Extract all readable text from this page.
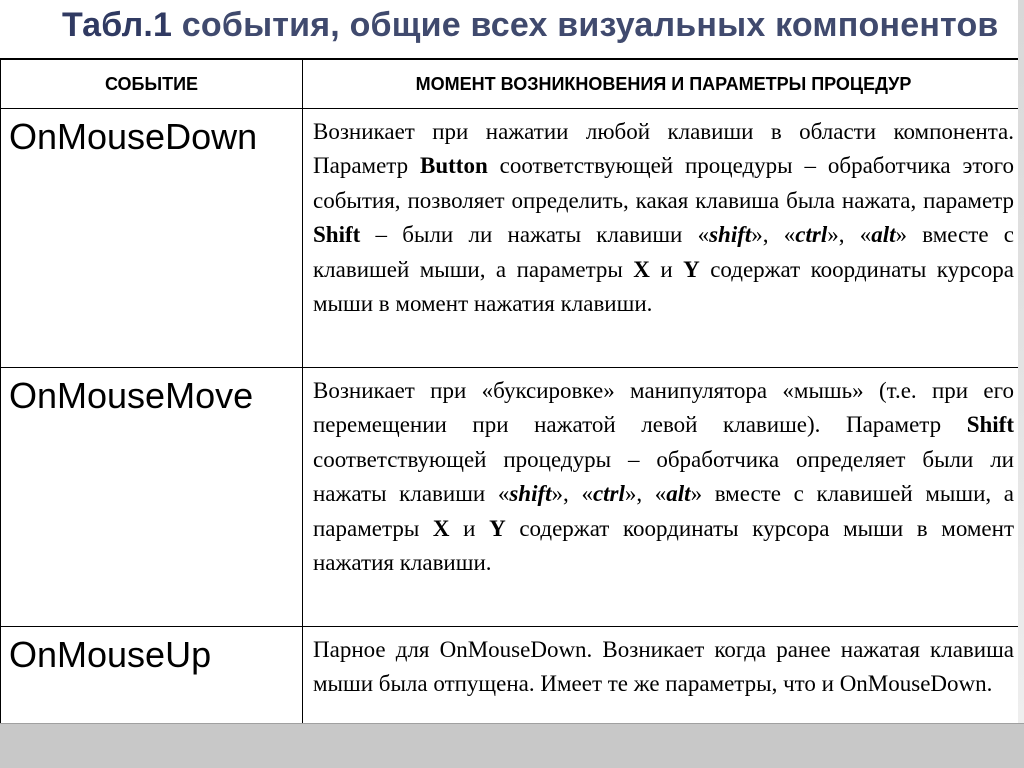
Табл.1 события, общие всех визуальных компонентов
СОБЫТИЕ	МОМЕНТ ВОЗНИКНОВЕНИЯ И ПАРАМЕТРЫ ПРОЦЕДУР
OnMouseDown	Возникает при нажатии любой клавиши в области компонента. Параметр Button соответствующей процедуры – обработчика этого события, позволяет определить, какая клавиша была нажата, параметр Shift – были ли нажаты клавиши «shift», «ctrl», «alt» вместе с клавишей мыши, а параметры X и Y содержат координаты курсора мыши в момент нажатия клавиши.
OnMouseMove	Возникает при «буксировке» манипулятора «мышь» (т.е. при его перемещении при нажатой левой клавише). Параметр Shift соответствующей процедуры – обработчика определяет были ли нажаты клавиши «shift», «ctrl», «alt» вместе с клавишей мыши, а параметры X и Y содержат координаты курсора мыши в момент нажатия клавиши.
OnMouseUp	Парное для OnMouseDown. Возникает когда ранее нажатая клавиша мыши была отпущена. Имеет те же параметры, что и OnMouseDown.
